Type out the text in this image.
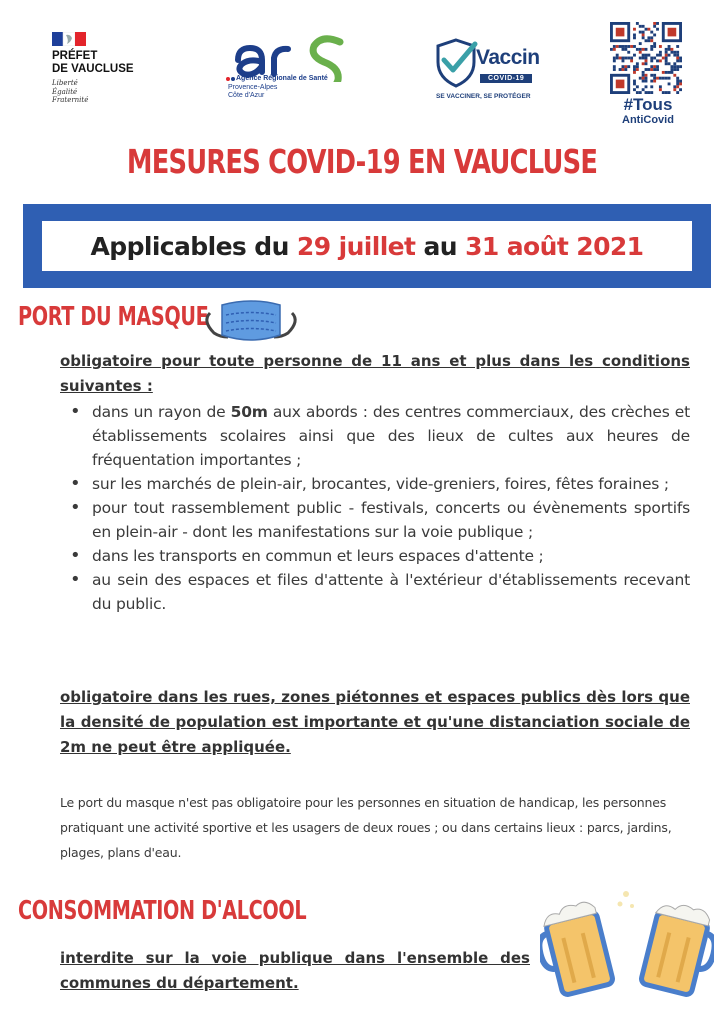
PRÉFET
DE VAUCLUSE
Liberté
Égalité
Fraternité
Agence Régionale de Santé
Provence-Alpes
Côte d'Azur
Vaccin
COVID-19
SE VACCINER, SE PROTÉGER	#Tous
AntiCovid
MESURES COVID-19 EN VAUCLUSE
Applicables du 29 juillet au 31 août 2021
PORT DU MASQUE
obligatoire pour toute personne de 11 ans et plus dans les conditions suivantes :
• dans un rayon de 50m aux abords : des centres commerciaux, des crèches et établissements scolaires ainsi que des lieux de cultes aux heures de fréquentation importantes ;
• sur les marchés de plein-air, brocantes, vide-greniers, foires, fêtes foraines ;
• pour tout rassemblement public - festivals, concerts ou évènements sportifs en plein-air - dont les manifestations sur la voie publique ;
• dans les transports en commun et leurs espaces d'attente ;
• au sein des espaces et files d'attente à l'extérieur d'établissements recevant du public.
obligatoire dans les rues, zones piétonnes et espaces publics dès lors que la densité de population est importante et qu'une distanciation sociale de 2m ne peut être appliquée.
Le port du masque n'est pas obligatoire pour les personnes en situation de handicap, les personnes pratiquant une activité sportive et les usagers de deux roues ; ou dans certains lieux : parcs, jardins, plages, plans d'eau.
CONSOMMATION D'ALCOOL
interdite sur la voie publique dans l'ensemble des communes du département.
